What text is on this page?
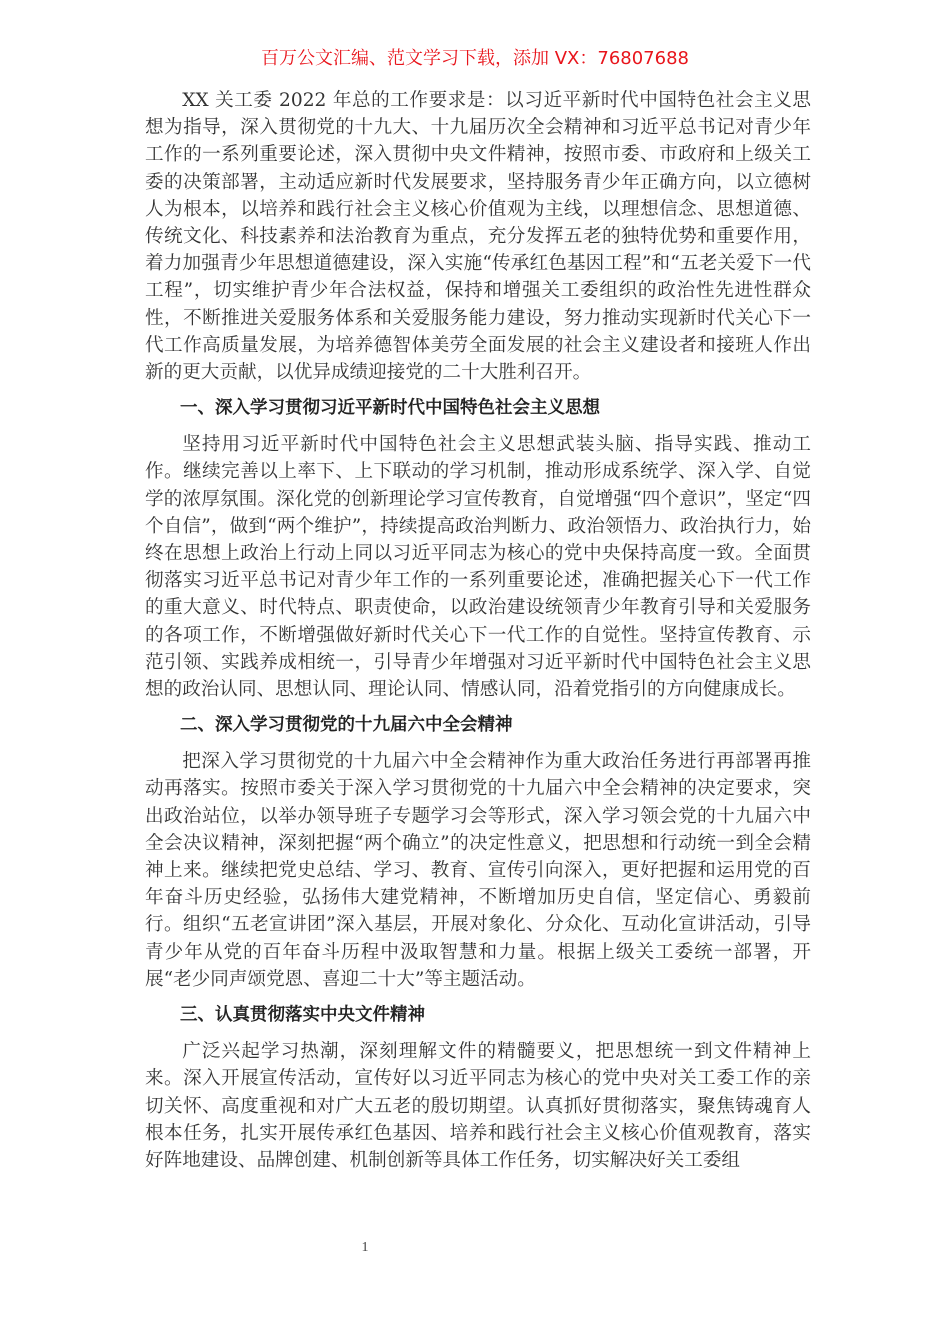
百万公文汇编、范文学习下载，添加 VX：76807688

XX 关工委 2022 年总的工作要求是：以习近平新时代中国特色社会主义思想为指导，深入贯彻党的十九大、十九届历次全会精神和习近平总书记对青少年工作的一系列重要论述，深入贯彻中央文件精神，按照市委、市政府和上级关工委的决策部署，主动适应新时代发展要求，坚持服务青少年正确方向，以立德树人为根本，以培养和践行社会主义核心价值观为主线，以理想信念、思想道德、传统文化、科技素养和法治教育为重点，充分发挥五老的独特优势和重要作用，着力加强青少年思想道德建设，深入实施“传承红色基因工程”和“五老关爱下一代工程”，切实维护青少年合法权益，保持和增强关工委组织的政治性先进性群众性，不断推进关爱服务体系和关爱服务能力建设，努力推动实现新时代关心下一代工作高质量发展，为培养德智体美劳全面发展的社会主义建设者和接班人作出新的更大贡献，以优异成绩迎接党的二十大胜利召开。

一、深入学习贯彻习近平新时代中国特色社会主义思想

坚持用习近平新时代中国特色社会主义思想武装头脑、指导实践、推动工作。继续完善以上率下、上下联动的学习机制，推动形成系统学、深入学、自觉学的浓厚氛围。深化党的创新理论学习宣传教育，自觉增强“四个意识”，坚定“四个自信”，做到“两个维护”，持续提高政治判断力、政治领悟力、政治执行力，始终在思想上政治上行动上同以习近平同志为核心的党中央保持高度一致。全面贯彻落实习近平总书记对青少年工作的一系列重要论述，准确把握关心下一代工作的重大意义、时代特点、职责使命，以政治建设统领青少年教育引导和关爱服务的各项工作，不断增强做好新时代关心下一代工作的自觉性。坚持宣传教育、示范引领、实践养成相统一，引导青少年增强对习近平新时代中国特色社会主义思想的政治认同、思想认同、理论认同、情感认同，沿着党指引的方向健康成长。

二、深入学习贯彻党的十九届六中全会精神

把深入学习贯彻党的十九届六中全会精神作为重大政治任务进行再部署再推动再落实。按照市委关于深入学习贯彻党的十九届六中全会精神的决定要求，突出政治站位，以举办领导班子专题学习会等形式，深入学习领会党的十九届六中全会决议精神，深刻把握“两个确立”的决定性意义，把思想和行动统一到全会精神上来。继续把党史总结、学习、教育、宣传引向深入，更好把握和运用党的百年奋斗历史经验，弘扬伟大建党精神，不断增加历史自信，坚定信心、勇毅前行。组织“五老宣讲团”深入基层，开展对象化、分众化、互动化宣讲活动，引导青少年从党的百年奋斗历程中汲取智慧和力量。根据上级关工委统一部署，开展“老少同声颂党恩、喜迎二十大”等主题活动。

三、认真贯彻落实中央文件精神

广泛兴起学习热潮，深刻理解文件的精髓要义，把思想统一到文件精神上来。深入开展宣传活动，宣传好以习近平同志为核心的党中央对关工委工作的亲切关怀、高度重视和对广大五老的殷切期望。认真抓好贯彻落实，聚焦铸魂育人根本任务，扎实开展传承红色基因、培养和践行社会主义核心价值观教育，落实好阵地建设、品牌创建、机制创新等具体工作任务，切实解决好关工委组

1
